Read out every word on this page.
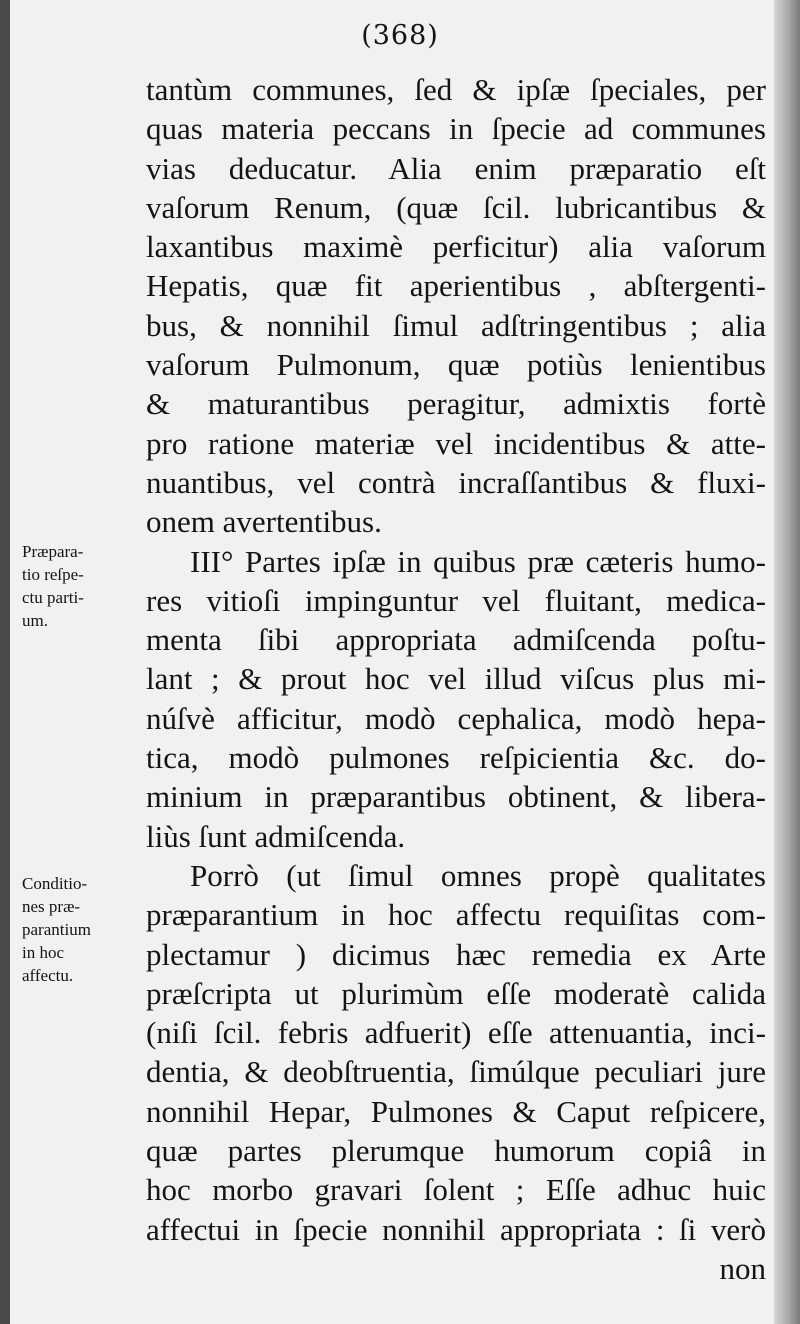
(368)
Præpara-
tio reſpe-
ctu parti-
um.
Conditio-
nes præ-
parantium
in hoc
affectu.
tantùm communes, ſed & ipſæ ſpeciales, per
quas materia peccans in ſpecie ad communes
vias deducatur. Alia enim præparatio eſt
vaſorum Renum, (quæ ſcil. lubricantibus &
laxantibus maximè perficitur) alia vaſorum
Hepatis, quæ fit aperientibus , abſtergenti-
bus, & nonnihil ſimul adſtringentibus ; alia
vaſorum Pulmonum, quæ potiùs lenientibus
& maturantibus peragitur, admixtis fortè
pro ratione materiæ vel incidentibus & atte-
nuantibus, vel contrà incraſſantibus & fluxi-
onem avertentibus.
III° Partes ipſæ in quibus præ cæteris humo-
res vitioſi impinguntur vel fluitant, medica-
menta ſibi appropriata admiſcenda poſtu-
lant ; & prout hoc vel illud viſcus plus mi-
núſvè afficitur, modò cephalica, modò hepa-
tica, modò pulmones reſpicientia &c. do-
minium in præparantibus obtinent, & libera-
liùs ſunt admiſcenda.
Porrò (ut ſimul omnes propè qualitates
præparantium in hoc affectu requiſitas com-
plectamur ) dicimus hæc remedia ex Arte
præſcripta ut plurimùm eſſe moderatè calida
(niſi ſcil. febris adfuerit) eſſe attenuantia, inci-
dentia, & deobſtruentia, ſimúlque peculiari jure
nonnihil Hepar, Pulmones & Caput reſpicere,
quæ partes plerumque humorum copiâ in
hoc morbo gravari ſolent ; Eſſe adhuc huic
affectui in ſpecie nonnihil appropriata : ſi verò
non
